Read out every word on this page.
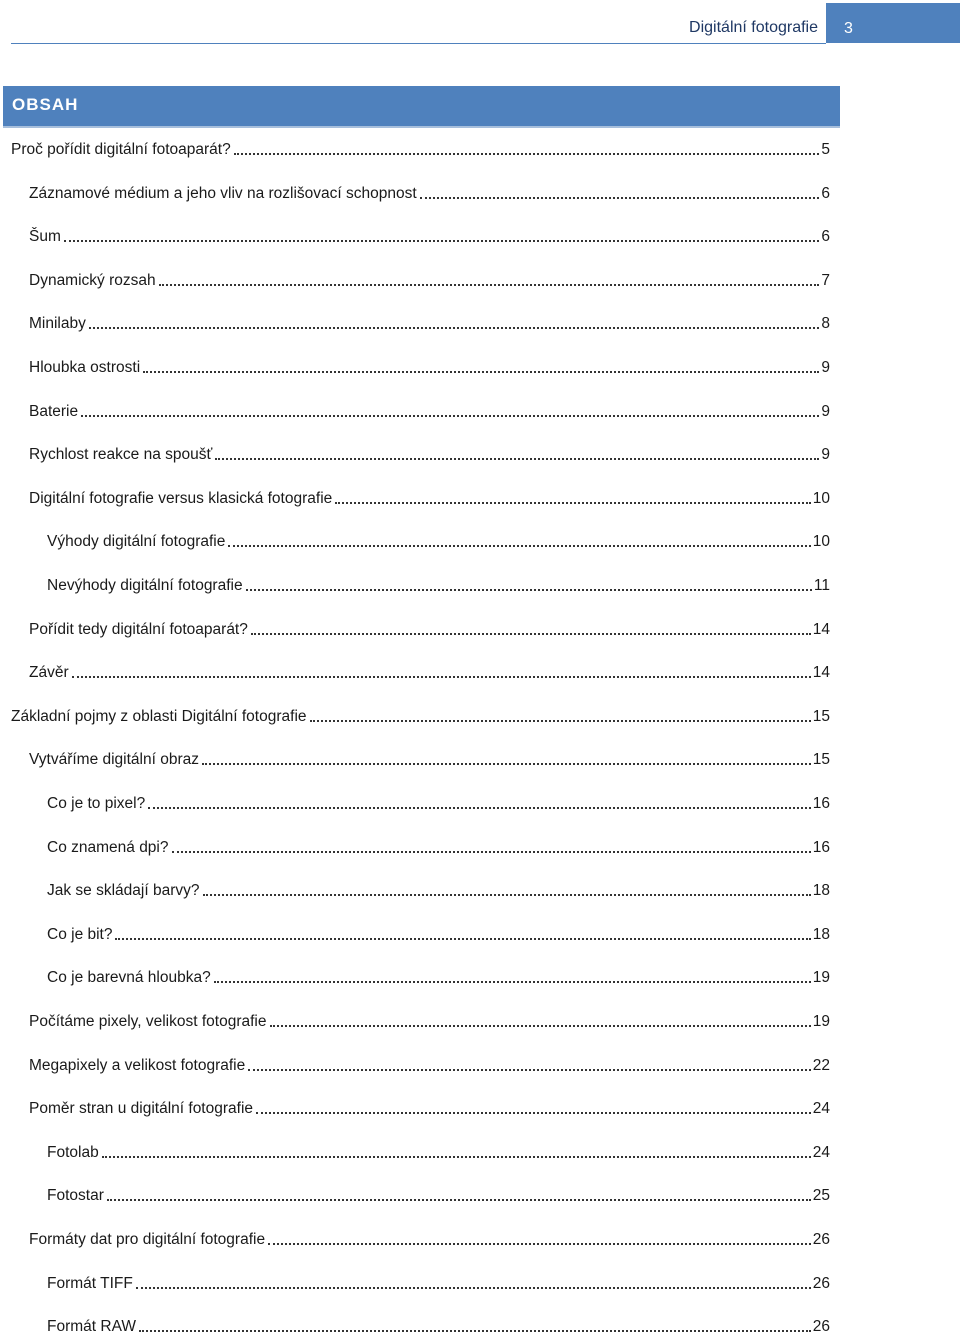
Digitální fotografie 3
OBSAH
Proč pořídit digitální fotoaparát?	5
Záznamové médium a jeho vliv na rozlišovací schopnost	6
Šum	6
Dynamický rozsah	7
Minilaby	8
Hloubka ostrosti	9
Baterie	9
Rychlost reakce na spoušť	9
Digitální fotografie versus klasická fotografie	10
Výhody digitální fotografie	10
Nevýhody digitální fotografie	11
Pořídit tedy digitální fotoaparát?	14
Závěr	14
Základní pojmy z oblasti Digitální fotografie	15
Vytváříme digitální obraz	15
Co je to pixel?	16
Co znamená dpi?	16
Jak se skládají barvy?	18
Co je bit?	18
Co je barevná hloubka?	19
Počítáme pixely, velikost fotografie	19
Megapixely a velikost fotografie	22
Poměr stran u digitální fotografie	24
Fotolab	24
Fotostar	25
Formáty dat pro digitální fotografie	26
Formát TIFF	26
Formát RAW	26
